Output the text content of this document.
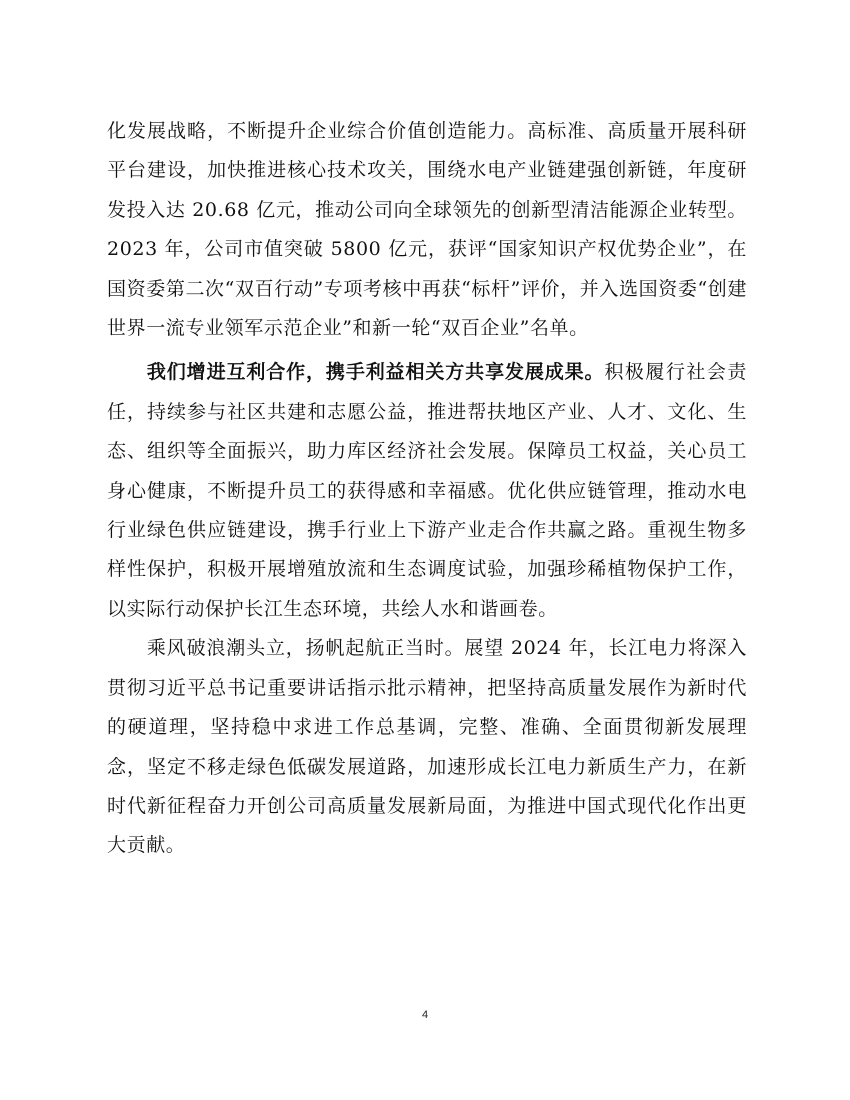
化发展战略，不断提升企业综合价值创造能力。高标准、高质量开展科研平台建设，加快推进核心技术攻关，围绕水电产业链建强创新链，年度研发投入达 20.68 亿元，推动公司向全球领先的创新型清洁能源企业转型。2023 年，公司市值突破 5800 亿元，获评“国家知识产权优势企业”，在国资委第二次“双百行动”专项考核中再获“标杆”评价，并入选国资委“创建世界一流专业领军示范企业”和新一轮“双百企业”名单。

我们增进互利合作，携手利益相关方共享发展成果。积极履行社会责任，持续参与社区共建和志愿公益，推进帮扶地区产业、人才、文化、生态、组织等全面振兴，助力库区经济社会发展。保障员工权益，关心员工身心健康，不断提升员工的获得感和幸福感。优化供应链管理，推动水电行业绿色供应链建设，携手行业上下游产业走合作共赢之路。重视生物多样性保护，积极开展增殖放流和生态调度试验，加强珍稀植物保护工作，以实际行动保护长江生态环境，共绘人水和谐画卷。

乘风破浪潮头立，扬帆起航正当时。展望 2024 年，长江电力将深入贯彻习近平总书记重要讲话指示批示精神，把坚持高质量发展作为新时代的硬道理，坚持稳中求进工作总基调，完整、准确、全面贯彻新发展理念，坚定不移走绿色低碳发展道路，加速形成长江电力新质生产力，在新时代新征程奋力开创公司高质量发展新局面，为推进中国式现代化作出更大贡献。

4
